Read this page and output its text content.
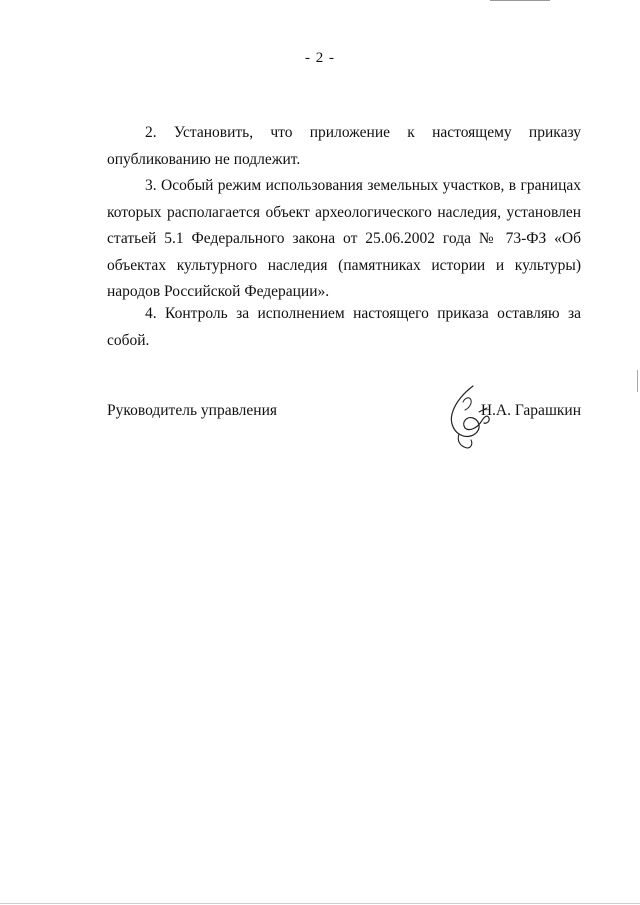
- 2 -

2. Установить, что приложение к настоящему приказу опубликованию не подлежит.

3. Особый режим использования земельных участков, в границах которых располагается объект археологического наследия, установлен статьей 5.1 Федерального закона от 25.06.2002 года № 73-ФЗ «Об объектах культурного наследия (памятниках истории и культуры) народов Российской Федерации».

4. Контроль за исполнением настоящего приказа оставляю за собой.

Руководитель управления	Н.А. Гарашкин
